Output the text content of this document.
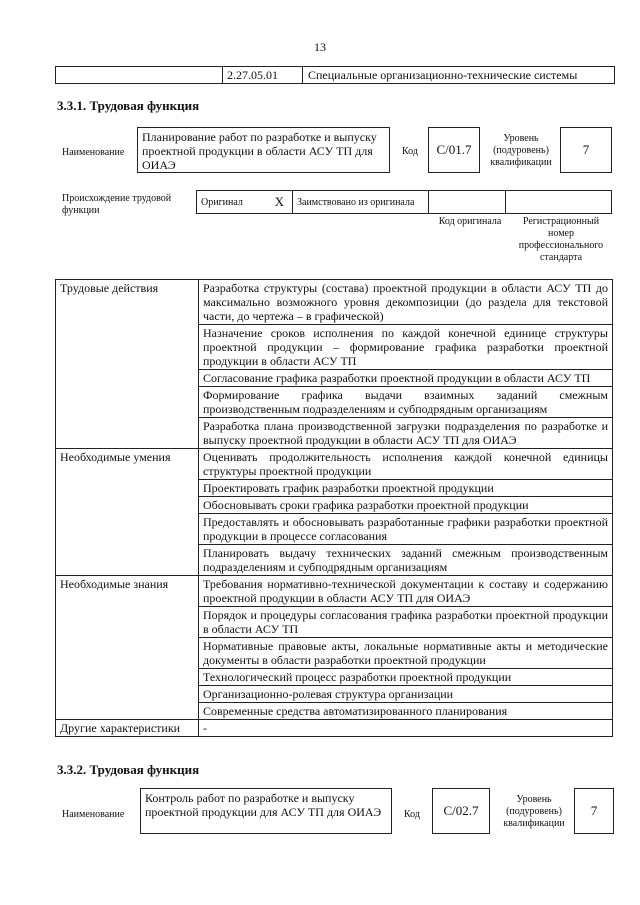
13
2.27.05.01	Специальные организационно-технические системы
3.3.1. Трудовая функция
Наименование
Планирование работ по разработке и выпуску проектной продукции в области АСУ ТП для ОИАЭ
Код	C/01.7
Уровень (подуровень) квалификации
7
Происхождение трудовой функции
Оригинал X	Заимствовано из оригинала
Код оригинала	Регистрационный номер профессионального стандарта
Трудовые действия	Разработка структуры (состава) проектной продукции в области АСУ ТП до максимально возможного уровня декомпозиции (до раздела для текстовой части, до чертежа – в графической)
	Назначение сроков исполнения по каждой конечной единице структуры проектной продукции – формирование графика разработки проектной продукции в области АСУ ТП
	Согласование графика разработки проектной продукции в области АСУ ТП
	Формирование графика выдачи взаимных заданий смежным производственным подразделениям и субподрядным организациям
	Разработка плана производственной загрузки подразделения по разработке и выпуску проектной продукции в области АСУ ТП для ОИАЭ
Необходимые умения	Оценивать продолжительность исполнения каждой конечной единицы структуры проектной продукции
	Проектировать график разработки проектной продукции
	Обосновывать сроки графика разработки проектной продукции
	Предоставлять и обосновывать разработанные графики разработки проектной продукции в процессе согласования
	Планировать выдачу технических заданий смежным производственным подразделениям и субподрядным организациям
Необходимые знания	Требования нормативно-технической документации к составу и содержанию проектной продукции в области АСУ ТП для ОИАЭ
	Порядок и процедуры согласования графика разработки проектной продукции в области АСУ ТП
	Нормативные правовые акты, локальные нормативные акты и методические документы в области разработки проектной продукции
	Технологический процесс разработки проектной продукции
	Организационно-ролевая структура организации
	Современные средства автоматизированного планирования
Другие характеристики	-
3.3.2. Трудовая функция
Наименование
Контроль работ по разработке и выпуску проектной продукции для АСУ ТП для ОИАЭ	Код	C/02.7
Уровень (подуровень) квалификации
7
